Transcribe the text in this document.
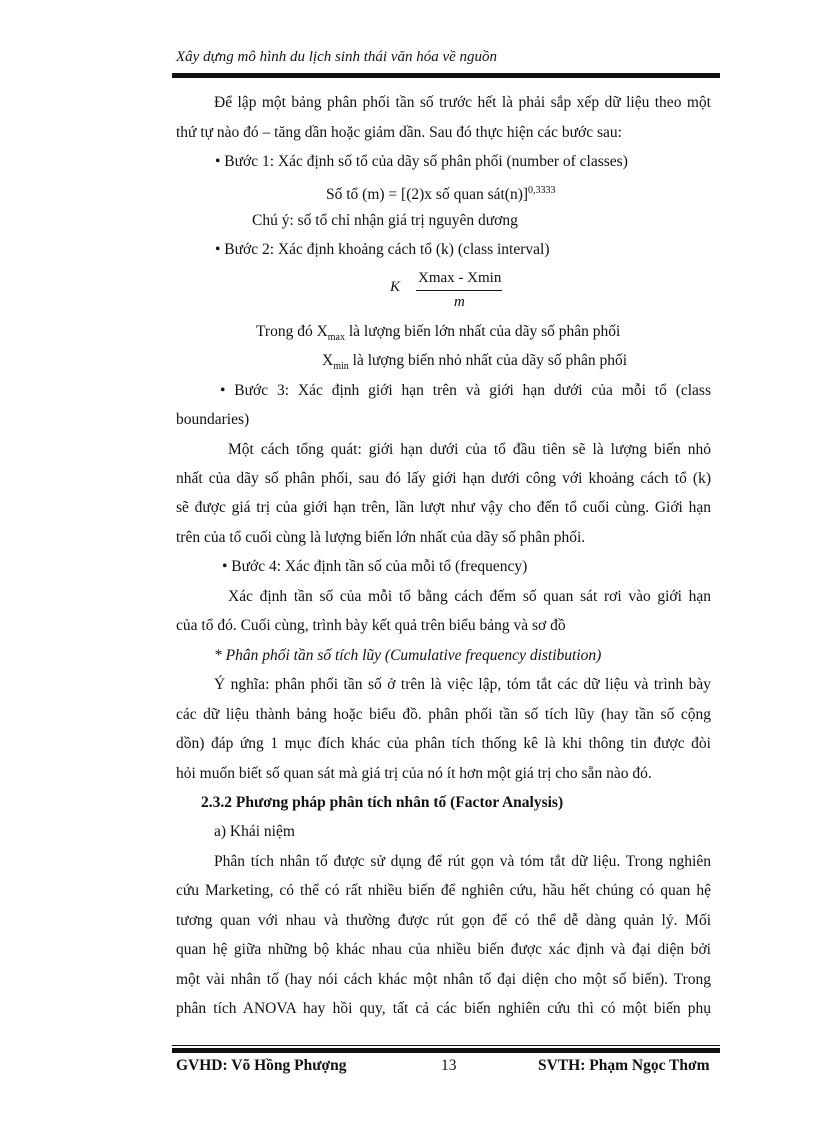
Xây dựng mô hình du lịch sinh thái văn hóa về nguồn
Để lập một bảng phân phối tần số trước hết là phải sắp xếp dữ liệu theo một
thứ tự nào đó – tăng dần hoặc giảm dần. Sau đó thực hiện các bước sau:
• Bước 1: Xác định số tổ của dãy số phân phối (number of classes)
Số tổ (m) = [(2)x số quan sát(n)]$^{0,3333}$
Chú ý: số tổ chỉ nhận giá trị nguyên dương
• Bước 2: Xác định khoảng cách tổ (k) (class interval)
K
Xmax - Xmin
m
Trong đó $X_{max}$ là lượng biến lớn nhất của dãy số phân phối
$X_{min}$ là lượng biến nhỏ nhất của dãy số phân phối
• Bước 3: Xác định giới hạn trên và giới hạn dưới của mỗi tổ (class
boundaries)
Một cách tổng quát: giới hạn dưới của tổ đầu tiên sẽ là lượng biến nhỏ
nhất của dãy số phân phối, sau đó lấy giới hạn dưới công với khoảng cách tổ (k)
sẽ được giá trị của giới hạn trên, lần lượt như vậy cho đến tổ cuối cùng. Giới hạn
trên của tổ cuối cùng là lượng biến lớn nhất của dãy số phân phối.
• Bước 4: Xác định tần số của mỗi tổ (frequency)
Xác định tần số của mỗi tổ bằng cách đếm số quan sát rơi vào giới hạn
của tổ đó. Cuối cùng, trình bày kết quả trên biểu bảng và sơ đồ
* Phân phối tần số tích lũy (Cumulative frequency distibution)
Ý nghĩa: phân phối tần số ở trên là việc lập, tóm tắt các dữ liệu và trình bày
các dữ liệu thành bảng hoặc biểu đồ. phân phối tần số tích lũy (hay tần số cộng
dồn) đáp ứng 1 mục đích khác của phân tích thống kê là khi thông tin được đòi
hỏi muốn biết số quan sát mà giá trị của nó ít hơn một giá trị cho sẵn nào đó.
2.3.2 Phương pháp phân tích nhân tố (Factor Analysis)
a) Khái niệm
Phân tích nhân tố được sử dụng để rút gọn và tóm tắt dữ liệu. Trong nghiên
cứu Marketing, có thể có rất nhiều biến để nghiên cứu, hầu hết chúng có quan hệ
tương quan với nhau và thường được rút gọn để có thể dễ dàng quản lý. Mối
quan hệ giữa những bộ khác nhau của nhiều biến được xác định và đại diện bởi
một vài nhân tố (hay nói cách khác một nhân tố đại diện cho một số biến). Trong
phân tích ANOVA hay hồi quy, tất cả các biến nghiên cứu thì có một biến phụ
GVHD: Võ Hồng Phượng	13	SVTH: Phạm Ngọc Thơm
